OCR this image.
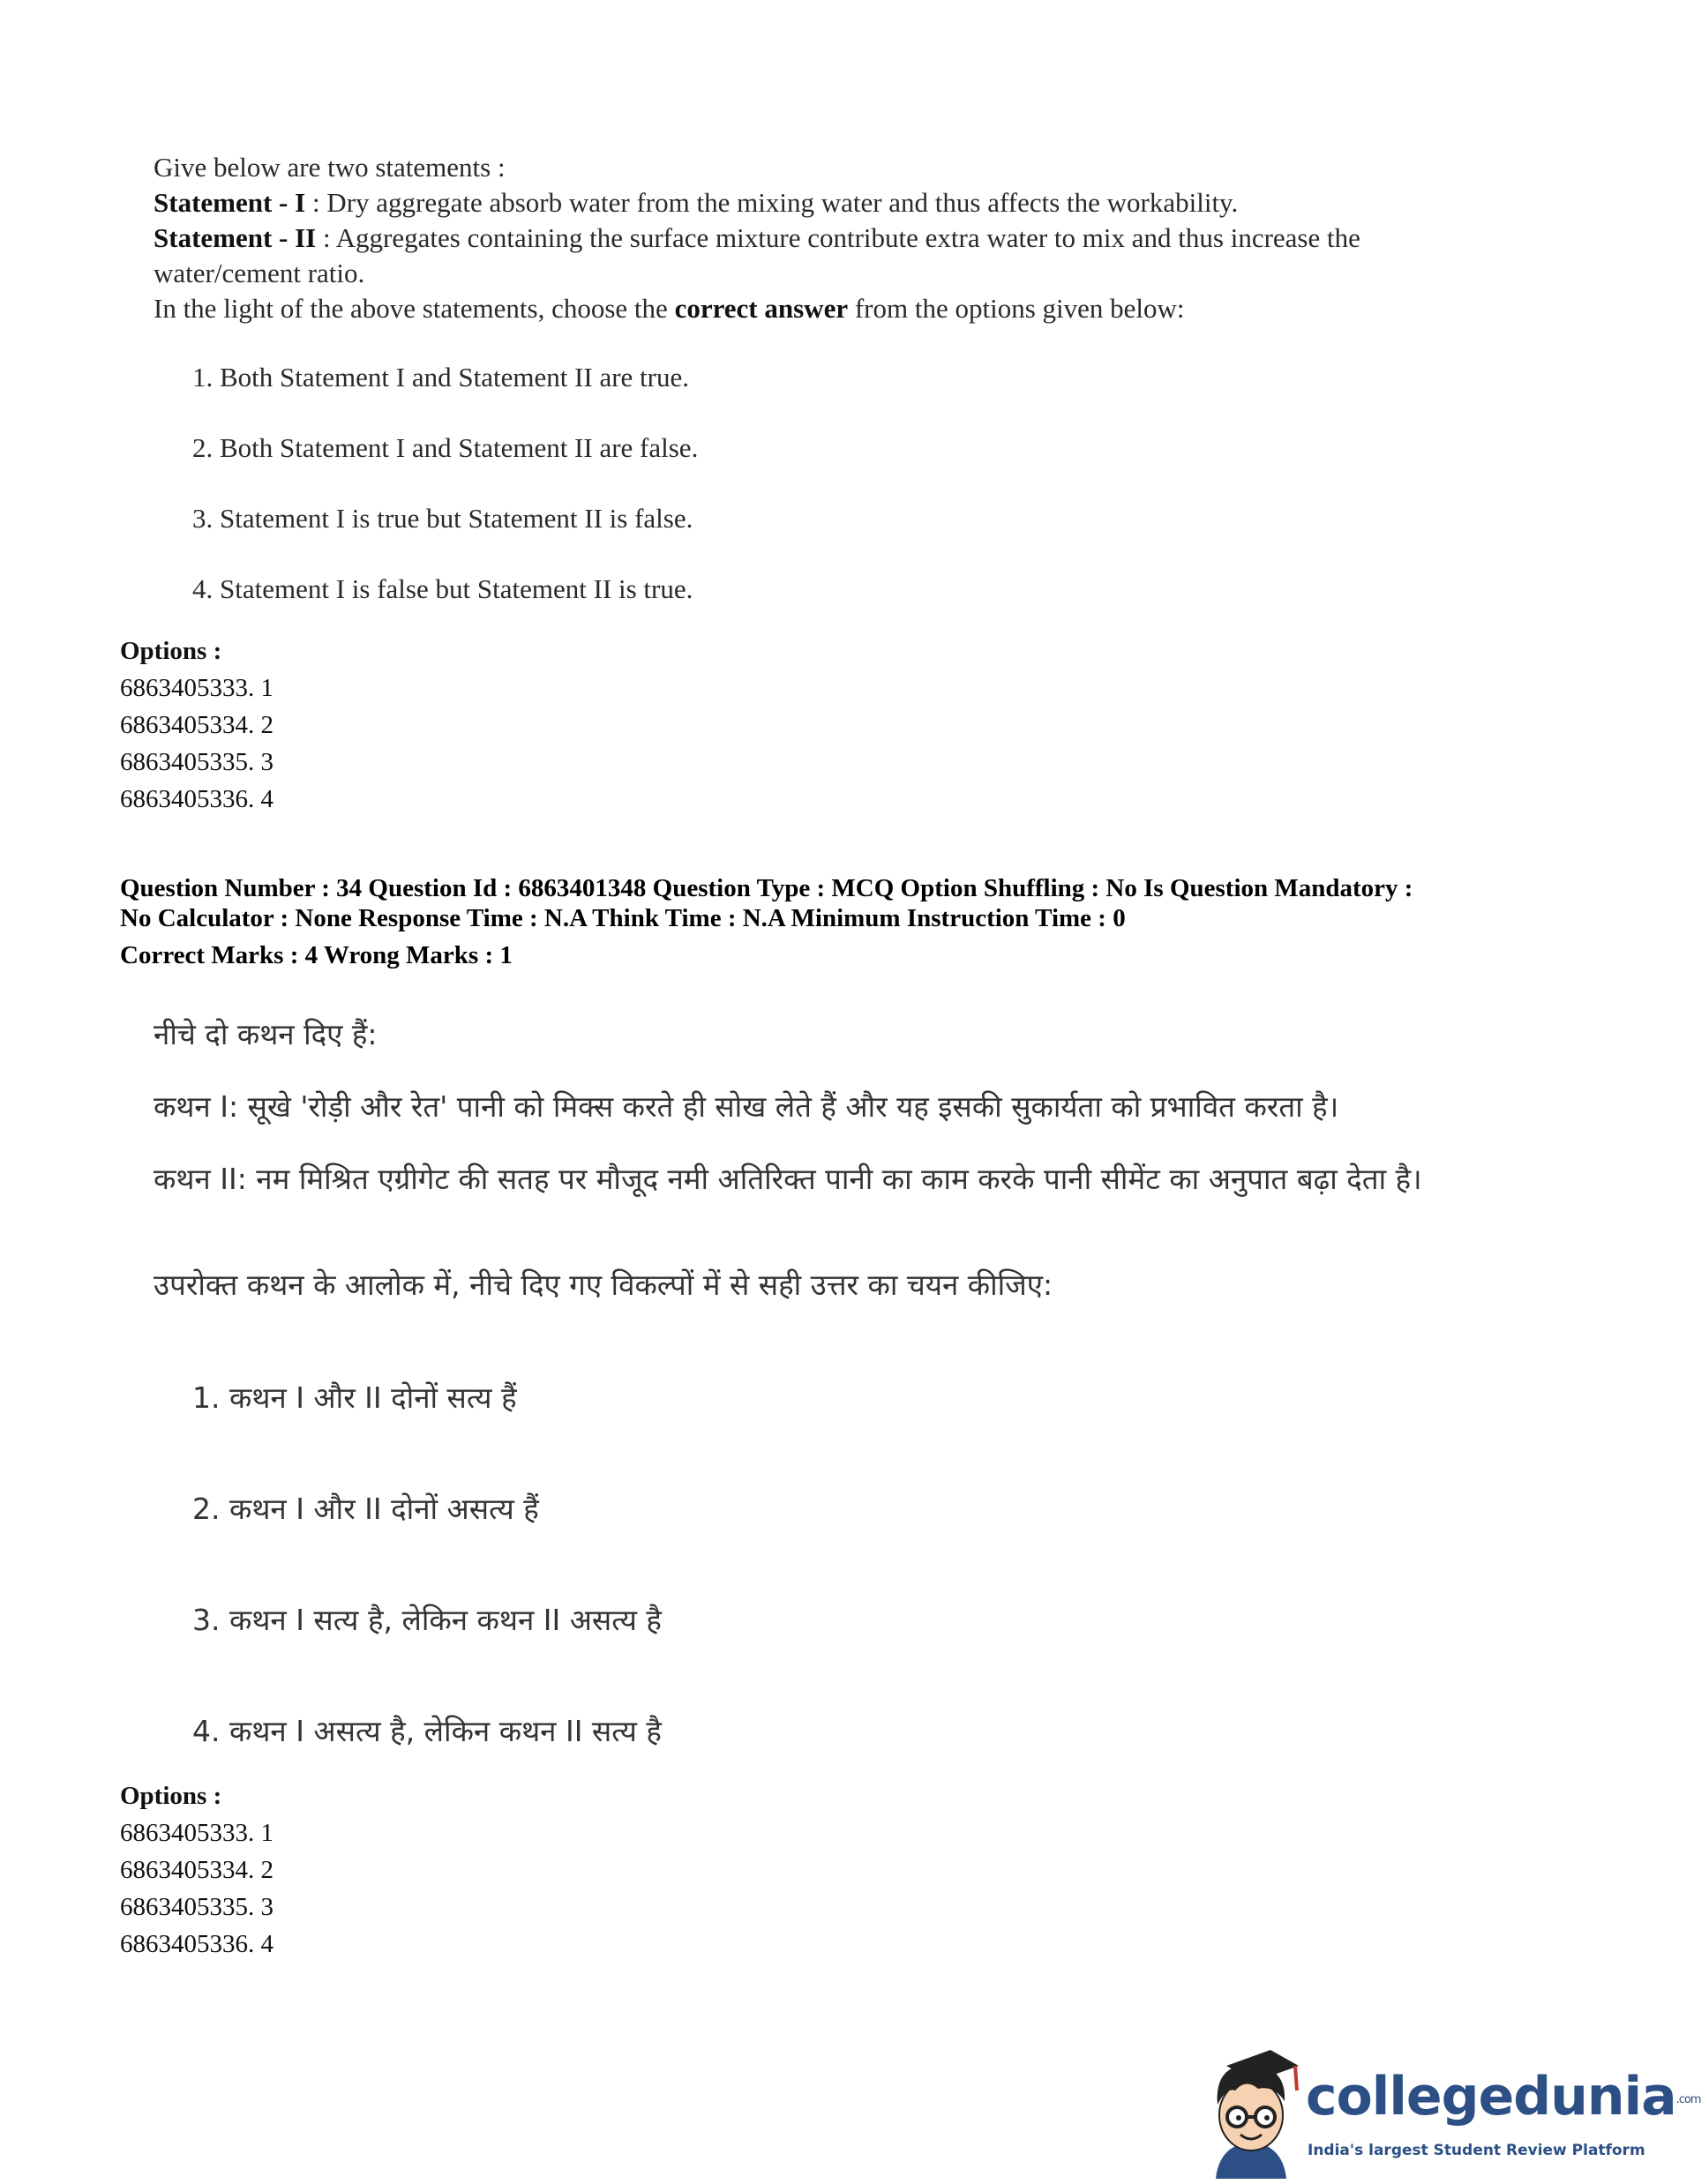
Give below are two statements :
Statement - I : Dry aggregate absorb water from the mixing water and thus affects the workability.
Statement - II : Aggregates containing the surface mixture contribute extra water to mix and thus increase the
water/cement ratio.
In the light of the above statements, choose the correct answer from the options given below:
1. Both Statement I and Statement II are true.
2. Both Statement I and Statement II are false.
3. Statement I is true but Statement II is false.
4. Statement I is false but Statement II is true.
Options :
6863405333. 1
6863405334. 2
6863405335. 3
6863405336. 4
Question Number : 34 Question Id : 6863401348 Question Type : MCQ Option Shuffling : No Is Question Mandatory :
No Calculator : None Response Time : N.A Think Time : N.A Minimum Instruction Time : 0
Correct Marks : 4 Wrong Marks : 1
नीचे दो कथन दिए हैं:
कथन I: सूखे 'रोड़ी और रेत' पानी को मिक्स करते ही सोख लेते हैं और यह इसकी सुकार्यता को प्रभावित करता है।
कथन II: नम मिश्रित एग्रीगेट की सतह पर मौजूद नमी अतिरिक्त पानी का काम करके पानी सीमेंट का अनुपात बढ़ा देता है।
उपरोक्त कथन के आलोक में, नीचे दिए गए विकल्पों में से सही उत्तर का चयन कीजिए:
1. कथन I और II दोनों सत्य हैं
2. कथन I और II दोनों असत्य हैं
3. कथन I सत्य है, लेकिन कथन II असत्य है
4. कथन I असत्य है, लेकिन कथन II सत्य है
Options :
6863405333. 1
6863405334. 2
6863405335. 3
6863405336. 4
collegedunia.com
India's largest Student Review Platform
